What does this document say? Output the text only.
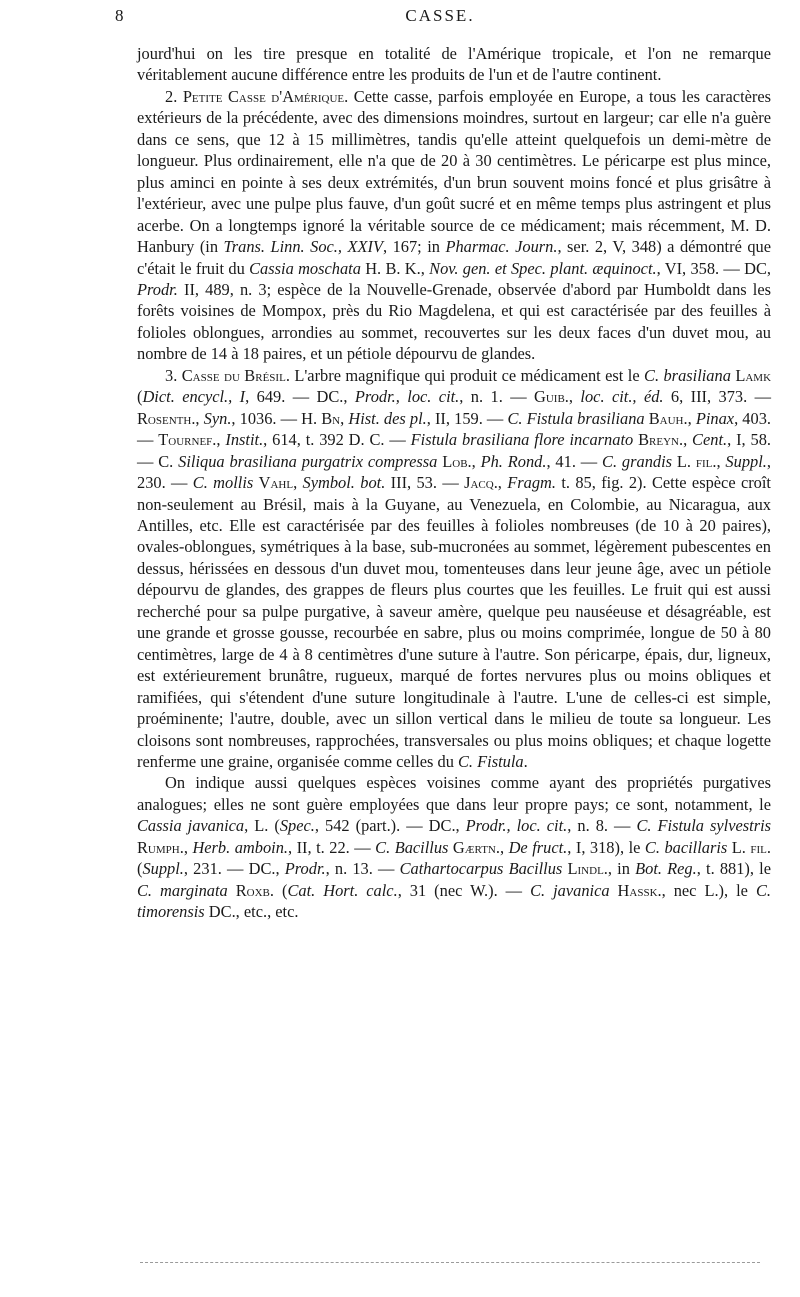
8	CASSE.

jourd'hui on les tire presque en totalité de l'Amérique tropicale, et l'on ne remarque véritablement aucune différence entre les produits de l'un et de l'autre continent.

2. Petite Casse d'Amérique. Cette casse, parfois employée en Europe, a tous les caractères extérieurs de la précédente, avec des dimensions moindres, surtout en largeur; car elle n'a guère dans ce sens, que 12 à 15 millimètres, tandis qu'elle atteint quelquefois un demi-mètre de longueur. Plus ordinairement, elle n'a que de 20 à 30 centimètres. Le péricarpe est plus mince, plus aminci en pointe à ses deux extrémités, d'un brun souvent moins foncé et plus grisâtre à l'extérieur, avec une pulpe plus fauve, d'un goût sucré et en même temps plus astringent et plus acerbe. On a longtemps ignoré la véritable source de ce médicament; mais récemment, M. D. Hanbury (in Trans. Linn. Soc., XXIV, 167; in Pharmac. Journ., ser. 2, V, 348) a démontré que c'était le fruit du Cassia moschata H. B. K., Nov. gen. et Spec. plant. æquinoct., VI, 358. — DC, Prodr. II, 489, n. 3; espèce de la Nouvelle-Grenade, observée d'abord par Humboldt dans les forêts voisines de Mompox, près du Rio Magdelena, et qui est caractérisée par des feuilles à folioles oblongues, arrondies au sommet, recouvertes sur les deux faces d'un duvet mou, au nombre de 14 à 18 paires, et un pétiole dépourvu de glandes.

3. Casse du Brésil. L'arbre magnifique qui produit ce médicament est le C. brasiliana Lamk (Dict. encycl., I, 649. — DC., Prodr., loc. cit., n. 1. — Guib., loc. cit., éd. 6, III, 373. — Rosenth., Syn., 1036. — H. Bn, Hist. des pl., II, 159. — C. Fistula brasiliana Bauh., Pinax, 403. — Tournef., Instit., 614, t. 392 D. C. — Fistula brasiliana flore incarnato Breyn., Cent., I, 58. — C. Siliqua brasiliana purgatrix compressa Lob., Ph. Rond., 41. — C. grandis L. fil., Suppl., 230. — C. mollis Vahl, Symbol. bot. III, 53. — Jacq., Fragm. t. 85, fig. 2). Cette espèce croît non-seulement au Brésil, mais à la Guyane, au Venezuela, en Colombie, au Nicaragua, aux Antilles, etc. Elle est caractérisée par des feuilles à folioles nombreuses (de 10 à 20 paires), ovales-oblongues, symétriques à la base, sub-mucronées au sommet, légèrement pubescentes en dessus, hérissées en dessous d'un duvet mou, tomenteuses dans leur jeune âge, avec un pétiole dépourvu de glandes, des grappes de fleurs plus courtes que les feuilles. Le fruit qui est aussi recherché pour sa pulpe purgative, à saveur amère, quelque peu nauséeuse et désagréable, est une grande et grosse gousse, recourbée en sabre, plus ou moins comprimée, longue de 50 à 80 centimètres, large de 4 à 8 centimètres d'une suture à l'autre. Son péricarpe, épais, dur, ligneux, est extérieurement brunâtre, rugueux, marqué de fortes nervures plus ou moins obliques et ramifiées, qui s'étendent d'une suture longitudinale à l'autre. L'une de celles-ci est simple, proéminente; l'autre, double, avec un sillon vertical dans le milieu de toute sa longueur. Les cloisons sont nombreuses, rapprochées, transversales ou plus moins obliques; et chaque logette renferme une graine, organisée comme celles du C. Fistula.

On indique aussi quelques espèces voisines comme ayant des propriétés purgatives analogues; elles ne sont guère employées que dans leur propre pays; ce sont, notamment, le Cassia javanica, L. (Spec., 542 (part.). — DC., Prodr., loc. cit., n. 8. — C. Fistula sylvestris Rumph., Herb. amboin., II, t. 22. — C. Bacillus Gærtn., De fruct., I, 318), le C. bacillaris L. fil. (Suppl., 231. — DC., Prodr., n. 13. — Cathartocarpus Bacillus Lindl., in Bot. Reg., t. 881), le C. marginata Roxb. (Cat. Hort. calc., 31 (nec W.). — C. javanica Hassk., nec L.), le C. timorensis DC., etc., etc.
